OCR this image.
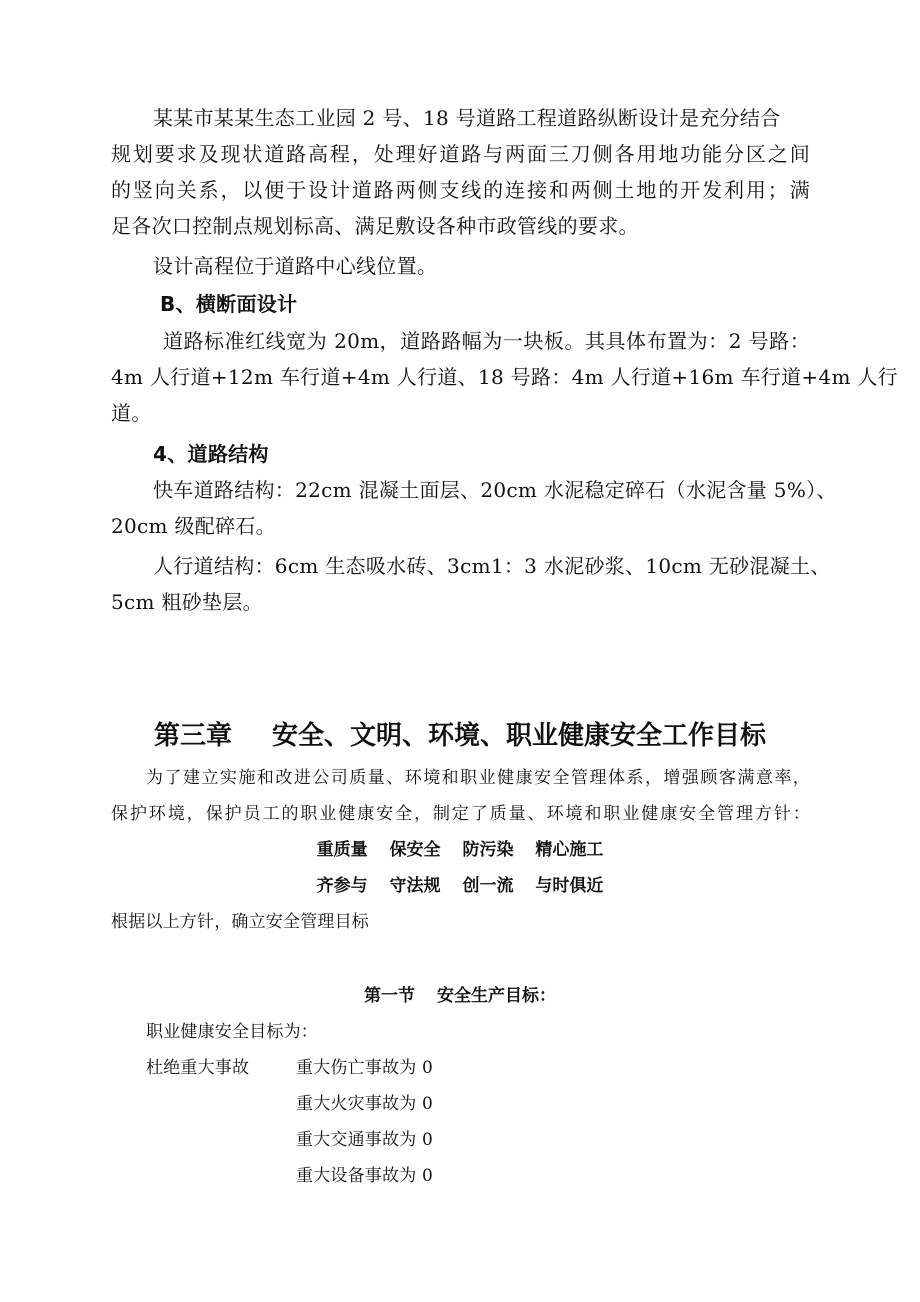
某某市某某生态工业园 2 号、18 号道路工程道路纵断设计是充分结合
规划要求及现状道路高程，处理好道路与两面三刀侧各用地功能分区之间
的竖向关系，以便于设计道路两侧支线的连接和两侧土地的开发利用；满
足各次口控制点规划标高、满足敷设各种市政管线的要求。
设计高程位于道路中心线位置。
B、横断面设计
道路标准红线宽为 20m，道路路幅为一块板。其具体布置为：2 号路：
4m 人行道+12m 车行道+4m 人行道、18 号路：4m 人行道+16m 车行道+4m 人行
道。
4、道路结构
快车道路结构：22cm 混凝土面层、20cm 水泥稳定碎石（水泥含量 5%）、
20cm 级配碎石。
人行道结构：6cm 生态吸水砖、3cm1：3 水泥砂浆、10cm 无砂混凝土、
5cm 粗砂垫层。
第三章 安全、文明、环境、职业健康安全工作目标
为了建立实施和改进公司质量、环境和职业健康安全管理体系，增强顾客满意率，
保护环境，保护员工的职业健康安全，制定了质量、环境和职业健康安全管理方针：
重质量 保安全 防污染 精心施工
齐参与 守法规 创一流 与时俱近
根据以上方针，确立安全管理目标
第一节 安全生产目标：
职业健康安全目标为：
杜绝重大事故	重大伤亡事故为 0
重大火灾事故为 0
重大交通事故为 0
重大设备事故为 0
